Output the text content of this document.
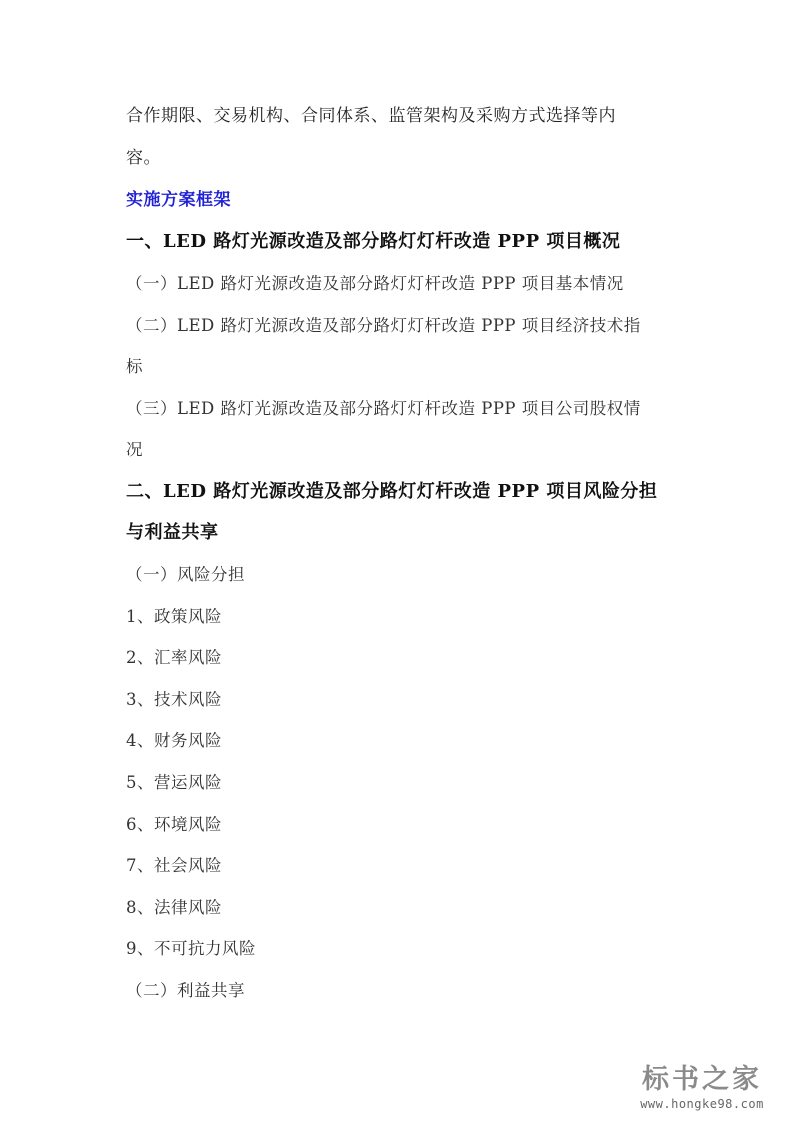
合作期限、交易机构、合同体系、监管架构及采购方式选择等内
容。
实施方案框架
一、LED 路灯光源改造及部分路灯灯杆改造 PPP 项目概况
（一）LED 路灯光源改造及部分路灯灯杆改造 PPP 项目基本情况
（二）LED 路灯光源改造及部分路灯灯杆改造 PPP 项目经济技术指
标
（三）LED 路灯光源改造及部分路灯灯杆改造 PPP 项目公司股权情
况
二、LED 路灯光源改造及部分路灯灯杆改造 PPP 项目风险分担
与利益共享
（一）风险分担
1、政策风险
2、汇率风险
3、技术风险
4、财务风险
5、营运风险
6、环境风险
7、社会风险
8、法律风险
9、不可抗力风险
（二）利益共享
标书之家
www.hongke98.com
